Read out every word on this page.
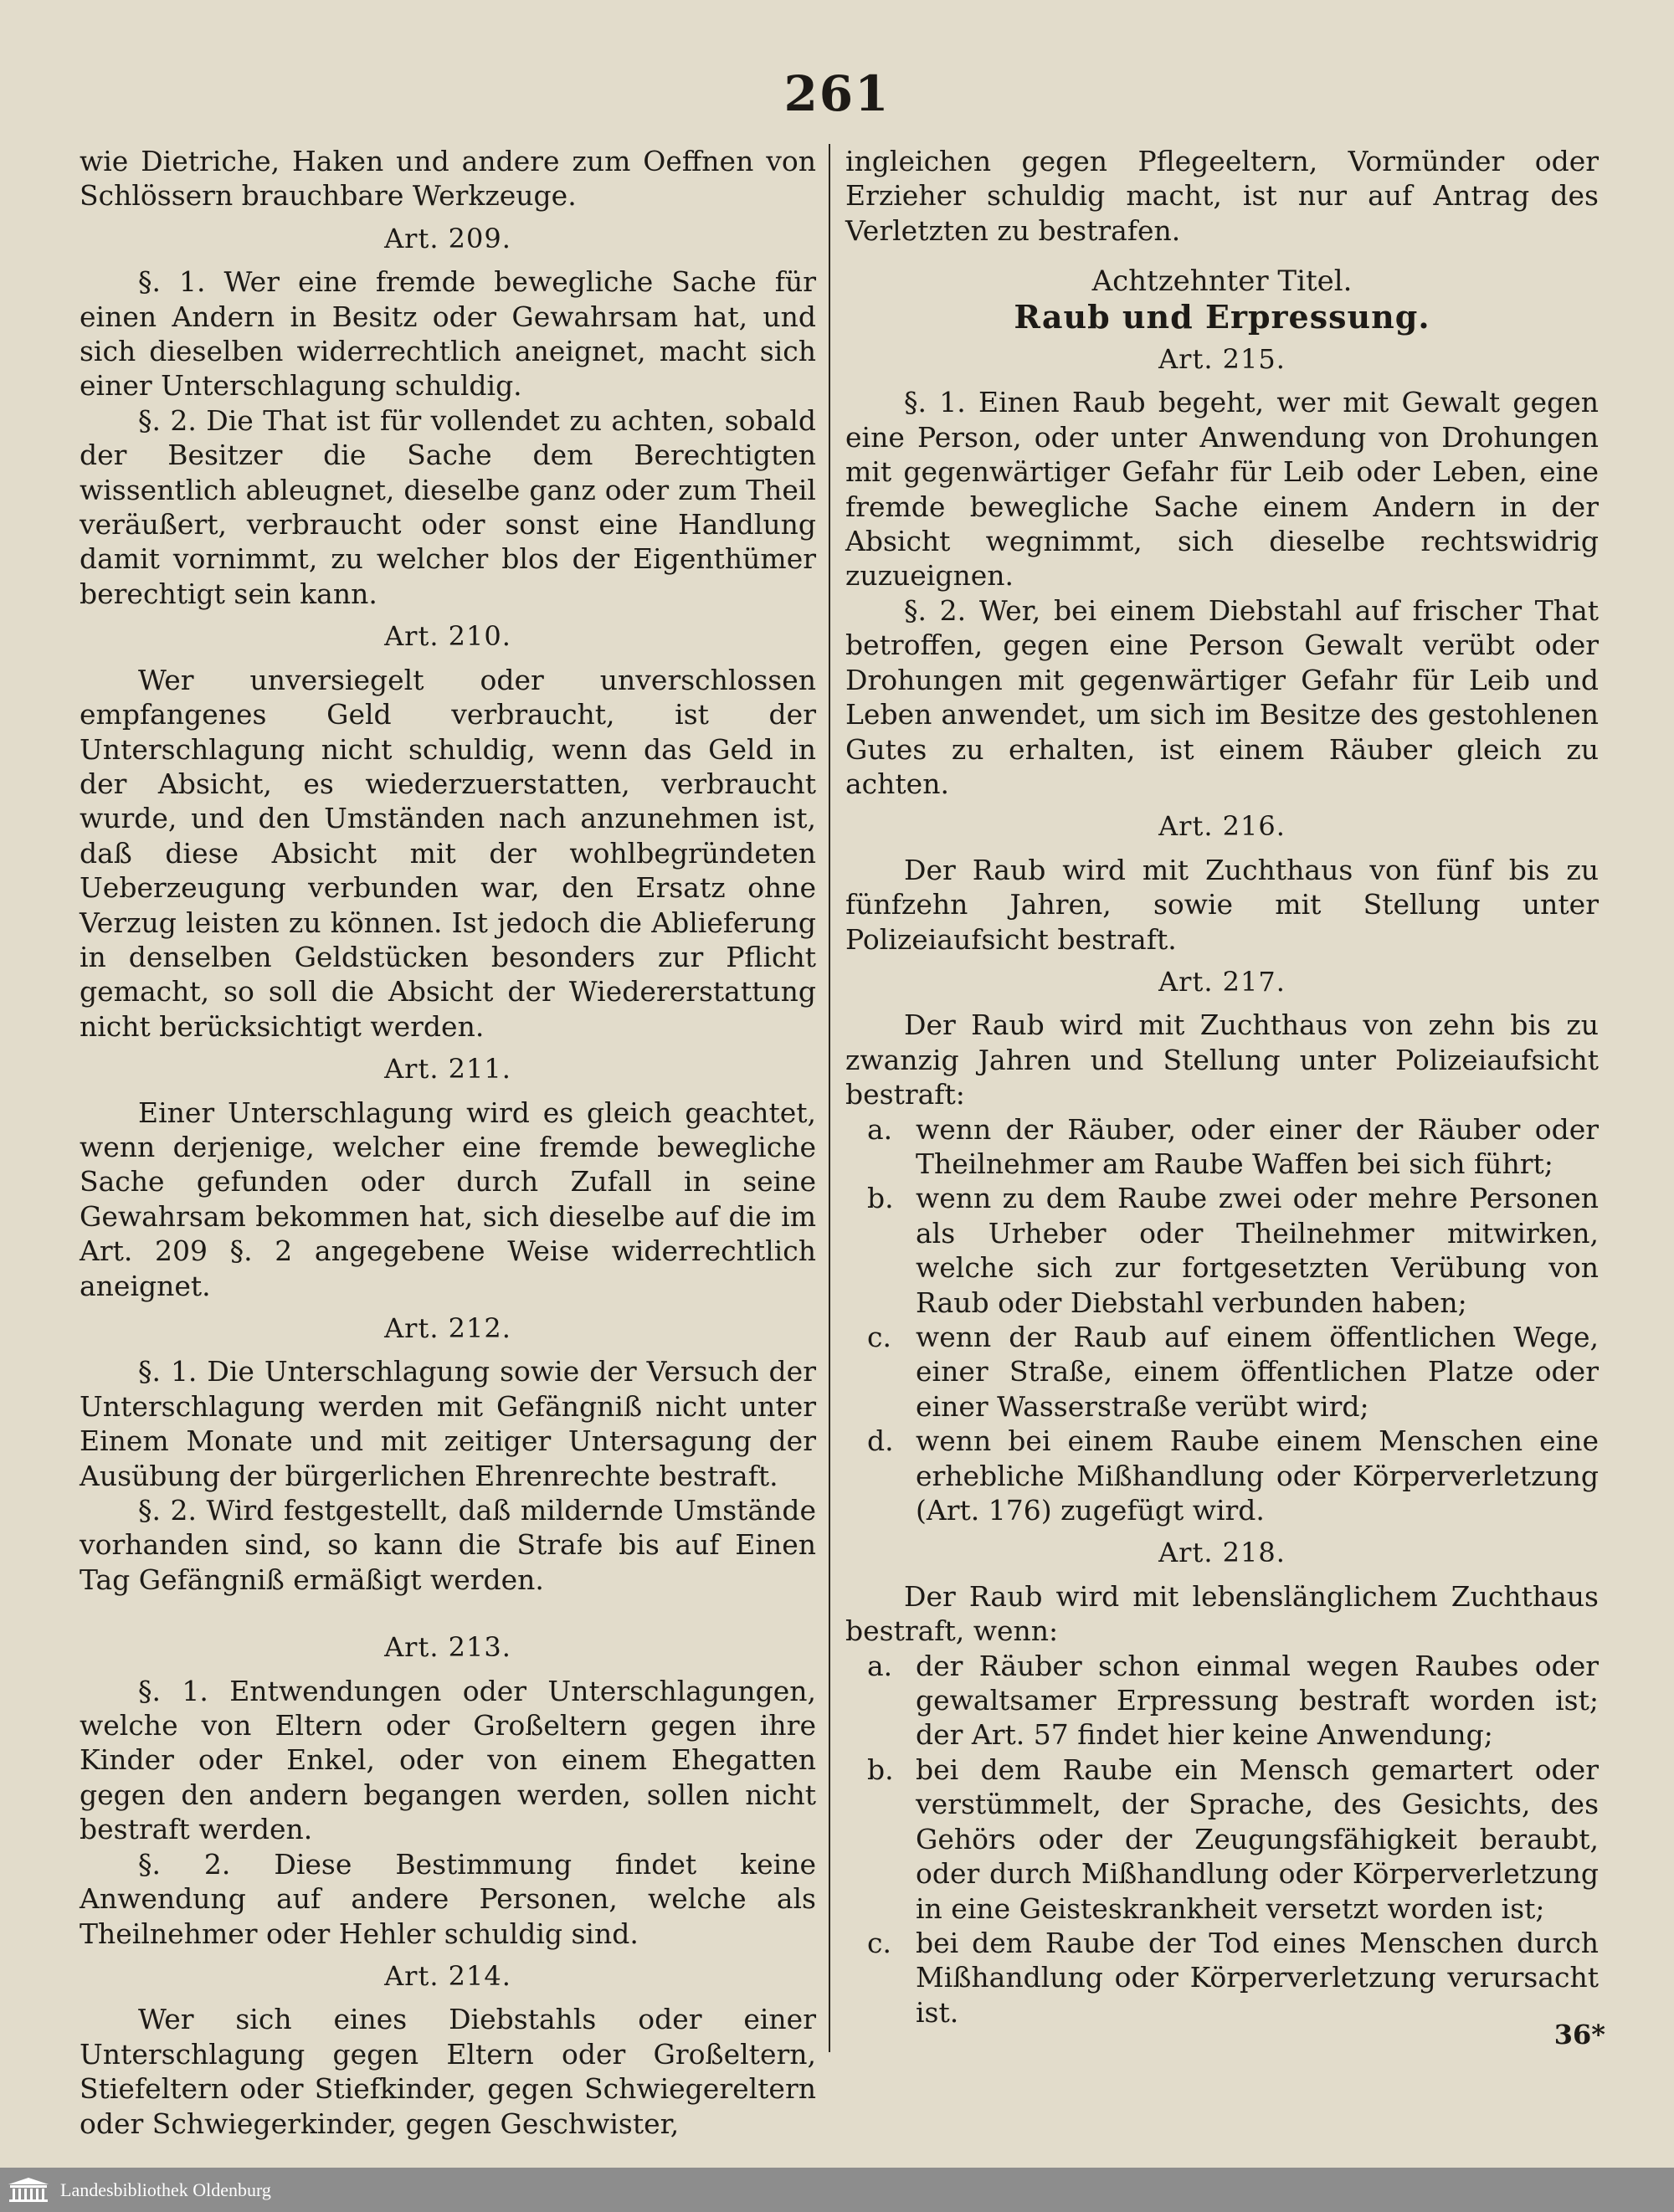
261

wie Dietriche, Haken und andere zum Oeffnen von Schlössern brauchbare Werkzeuge.

Art. 209.

§. 1. Wer eine fremde bewegliche Sache für einen Andern in Besitz oder Gewahrsam hat, und sich dieselben widerrechtlich aneignet, macht sich einer Unterschlagung schuldig.

§. 2. Die That ist für vollendet zu achten, sobald der Besitzer die Sache dem Berechtigten wissentlich ableugnet, dieselbe ganz oder zum Theil veräußert, verbraucht oder sonst eine Handlung damit vornimmt, zu welcher blos der Eigenthümer berechtigt sein kann.

Art. 210.

Wer unversiegelt oder unverschlossen empfangenes Geld verbraucht, ist der Unterschlagung nicht schuldig, wenn das Geld in der Absicht, es wiederzuerstatten, verbraucht wurde, und den Umständen nach anzunehmen ist, daß diese Absicht mit der wohlbegründeten Ueberzeugung verbunden war, den Ersatz ohne Verzug leisten zu können. Ist jedoch die Ablieferung in denselben Geldstücken besonders zur Pflicht gemacht, so soll die Absicht der Wiedererstattung nicht berücksichtigt werden.

Art. 211.

Einer Unterschlagung wird es gleich geachtet, wenn derjenige, welcher eine fremde bewegliche Sache gefunden oder durch Zufall in seine Gewahrsam bekommen hat, sich dieselbe auf die im Art. 209 §. 2 angegebene Weise widerrechtlich aneignet.

Art. 212.

§. 1. Die Unterschlagung sowie der Versuch der Unterschlagung werden mit Gefängniß nicht unter Einem Monate und mit zeitiger Untersagung der Ausübung der bürgerlichen Ehrenrechte bestraft.

§. 2. Wird festgestellt, daß mildernde Umstände vorhanden sind, so kann die Strafe bis auf Einen Tag Gefängniß ermäßigt werden.

Art. 213.

§. 1. Entwendungen oder Unterschlagungen, welche von Eltern oder Großeltern gegen ihre Kinder oder Enkel, oder von einem Ehegatten gegen den andern begangen werden, sollen nicht bestraft werden.

§. 2. Diese Bestimmung findet keine Anwendung auf andere Personen, welche als Theilnehmer oder Hehler schuldig sind.

Art. 214.

Wer sich eines Diebstahls oder einer Unterschlagung gegen Eltern oder Großeltern, Stiefeltern oder Stiefkinder, gegen Schwiegereltern oder Schwiegerkinder, gegen Geschwister,

ingleichen gegen Pflegeeltern, Vormünder oder Erzieher schuldig macht, ist nur auf Antrag des Verletzten zu bestrafen.

Achtzehnter Titel.
Raub und Erpressung.
Art. 215.

§. 1. Einen Raub begeht, wer mit Gewalt gegen eine Person, oder unter Anwendung von Drohungen mit gegenwärtiger Gefahr für Leib oder Leben, eine fremde bewegliche Sache einem Andern in der Absicht wegnimmt, sich dieselbe rechtswidrig zuzueignen.

§. 2. Wer, bei einem Diebstahl auf frischer That betroffen, gegen eine Person Gewalt verübt oder Drohungen mit gegenwärtiger Gefahr für Leib und Leben anwendet, um sich im Besitze des gestohlenen Gutes zu erhalten, ist einem Räuber gleich zu achten.

Art. 216.

Der Raub wird mit Zuchthaus von fünf bis zu fünfzehn Jahren, sowie mit Stellung unter Polizeiaufsicht bestraft.

Art. 217.

Der Raub wird mit Zuchthaus von zehn bis zu zwanzig Jahren und Stellung unter Polizeiaufsicht bestraft:

a. wenn der Räuber, oder einer der Räuber oder Theilnehmer am Raube Waffen bei sich führt;
b. wenn zu dem Raube zwei oder mehre Personen als Urheber oder Theilnehmer mitwirken, welche sich zur fortgesetzten Verübung von Raub oder Diebstahl verbunden haben;
c. wenn der Raub auf einem öffentlichen Wege, einer Straße, einem öffentlichen Platze oder einer Wasserstraße verübt wird;
d. wenn bei einem Raube einem Menschen eine erhebliche Mißhandlung oder Körperverletzung (Art. 176) zugefügt wird.
Art. 218.

Der Raub wird mit lebenslänglichem Zuchthaus bestraft, wenn:

a. der Räuber schon einmal wegen Raubes oder gewaltsamer Erpressung bestraft worden ist; der Art. 57 findet hier keine Anwendung;
b. bei dem Raube ein Mensch gemartert oder verstümmelt, der Sprache, des Gesichts, des Gehörs oder der Zeugungsfähigkeit beraubt, oder durch Mißhandlung oder Körperverletzung in eine Geisteskrankheit versetzt worden ist;
c. bei dem Raube der Tod eines Menschen durch Mißhandlung oder Körperverletzung verursacht ist.
36*
Landesbibliothek Oldenburg
